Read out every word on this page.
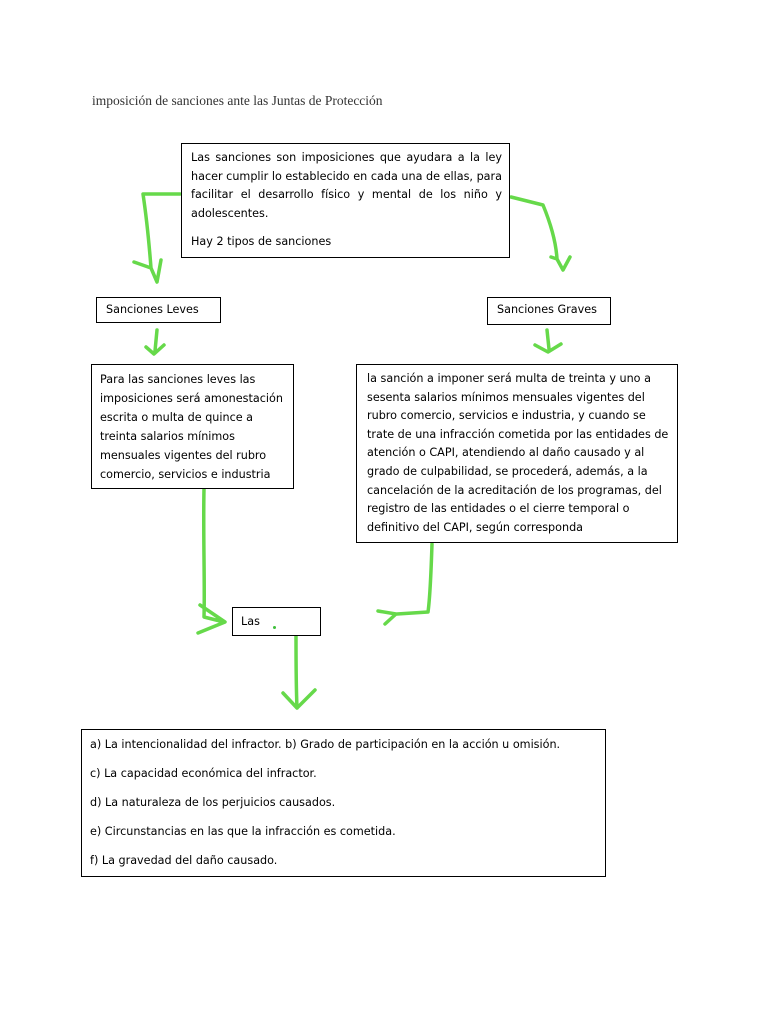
imposición de sanciones ante las Juntas de Protección

Las sanciones son imposiciones que ayudara a la ley hacer cumplir lo establecido en cada una de ellas, para facilitar el desarrollo físico y mental de los niño y adolescentes.

Hay 2 tipos de sanciones

Sanciones Leves	Sanciones Graves

Para las sanciones leves las imposiciones será amonestación escrita o multa de quince a treinta salarios mínimos mensuales vigentes del rubro comercio, servicios e industria

la sanción a imponer será multa de treinta y uno a sesenta salarios mínimos mensuales vigentes del rubro comercio, servicios e industria, y cuando se trate de una infracción cometida por las entidades de atención o CAPI, atendiendo al daño causado y al grado de culpabilidad, se procederá, además, a la cancelación de la acreditación de los programas, del registro de las entidades o el cierre temporal o definitivo del CAPI, según corresponda

Las

a) La intencionalidad del infractor. b) Grado de participación en la acción u omisión.

c) La capacidad económica del infractor.

d) La naturaleza de los perjuicios causados.

e) Circunstancias en las que la infracción es cometida.

f) La gravedad del daño causado.
